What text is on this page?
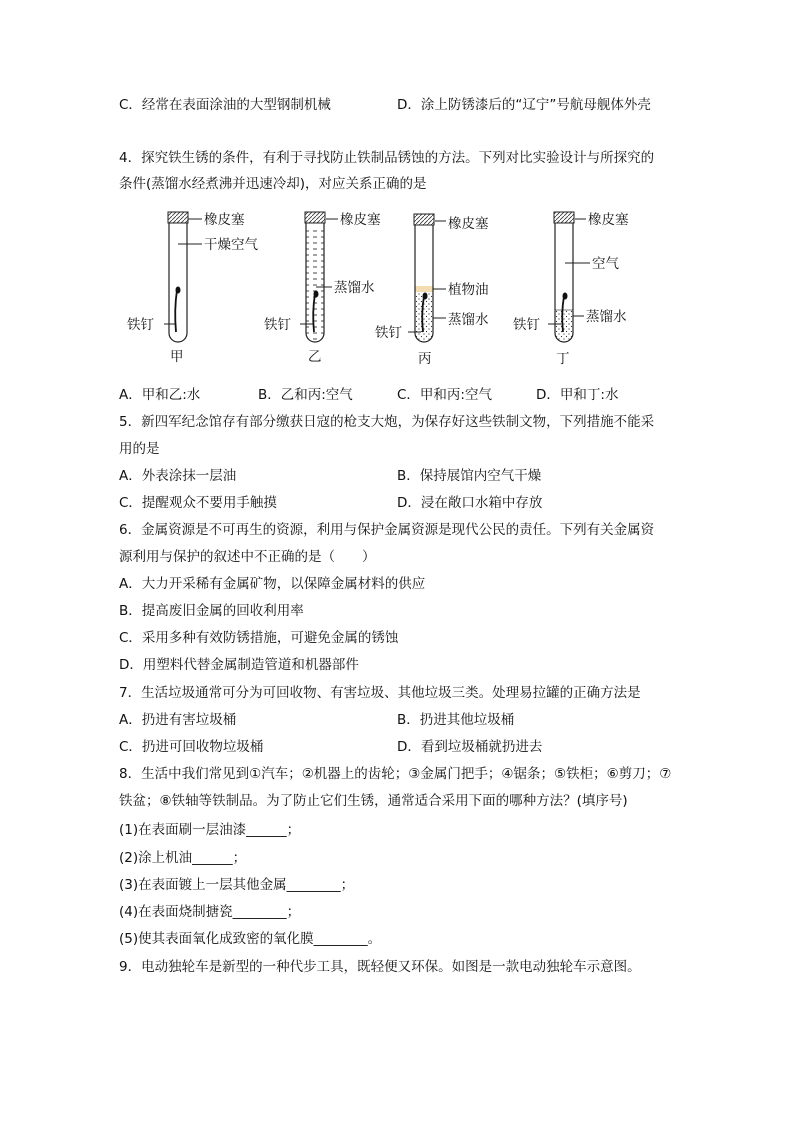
C．经常在表面涂油的大型钢制机械	D．涂上防锈漆后的“辽宁”号航母舰体外壳
4．探究铁生锈的条件，有利于寻找防止铁制品锈蚀的方法。下列对比实验设计与所探究的
条件(蒸馏水经煮沸并迅速冷却)，对应关系正确的是
橡皮塞
干燥空气
铁钉
甲
橡皮塞
蒸馏水
铁钉
乙
橡皮塞
植物油
蒸馏水
铁钉
丙
橡皮塞
空气
蒸馏水
铁钉
丁
A．甲和乙:水	B．乙和丙:空气	C．甲和丙:空气	D．甲和丁:水
5．新四军纪念馆存有部分缴获日寇的枪支大炮，为保存好这些铁制文物，下列措施不能采
用的是
A．外表涂抹一层油	B．保持展馆内空气干燥
C．提醒观众不要用手触摸	D．浸在敞口水箱中存放
6．金属资源是不可再生的资源，利用与保护金属资源是现代公民的责任。下列有关金属资
源利用与保护的叙述中不正确的是（　　）
A．大力开采稀有金属矿物，以保障金属材料的供应
B．提高废旧金属的回收利用率
C．采用多种有效防锈措施，可避免金属的锈蚀
D．用塑料代替金属制造管道和机器部件
7．生活垃圾通常可分为可回收物、有害垃圾、其他垃圾三类。处理易拉罐的正确方法是
A．扔进有害垃圾桶	B．扔进其他垃圾桶
C．扔进可回收物垃圾桶	D．看到垃圾桶就扔进去
8．生活中我们常见到①汽车；②机器上的齿轮；③金属门把手；④锯条；⑤铁柜；⑥剪刀；⑦
铁盆；⑧铁轴等铁制品。为了防止它们生锈，通常适合采用下面的哪种方法？(填序号)
(1)在表面刷一层油漆______；
(2)涂上机油______；
(3)在表面镀上一层其他金属________；
(4)在表面烧制搪瓷________；
(5)使其表面氧化成致密的氧化膜________。
9．电动独轮车是新型的一种代步工具，既轻便又环保。如图是一款电动独轮车示意图。
